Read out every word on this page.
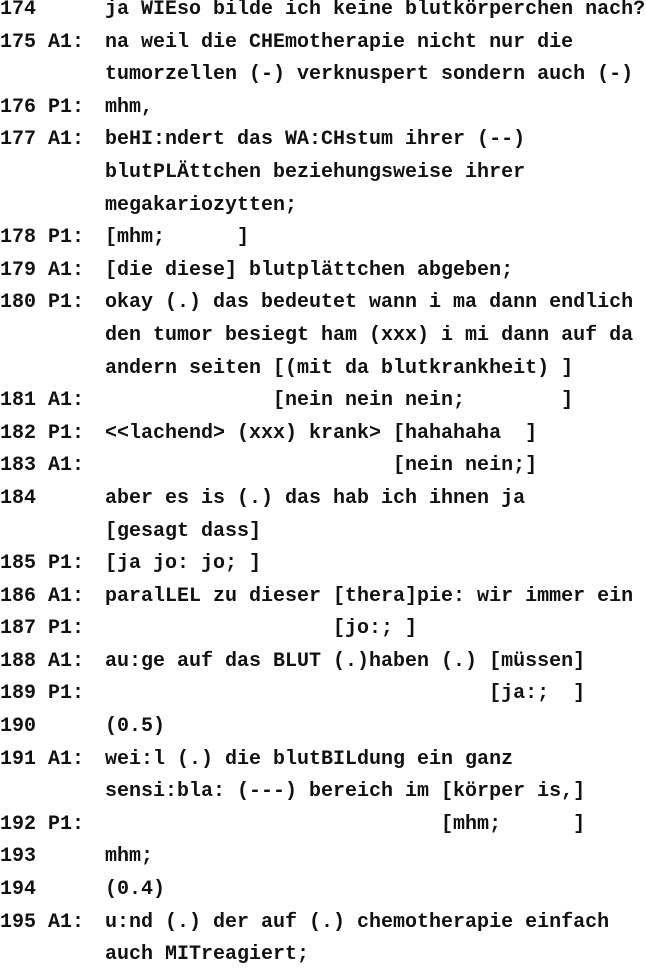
174	ja WIEso bilde ich keine blutkörperchen nach?
175 A1:	na weil die CHEmotherapie nicht nur die
tumorzellen (-) verknuspert sondern auch (-)
176 P1:	mhm,
177 A1:	beHI:ndert das WA:CHstum ihrer (--)
blutPLÄttchen beziehungsweise ihrer
megakariozytten;
178 P1:	[mhm;      ]
179 A1:	[die diese] blutplättchen abgeben;
180 P1:	okay (.) das bedeutet wann i ma dann endlich
den tumor besiegt ham (xxx) i mi dann auf da
andern seiten [(mit da blutkrankheit) ]
181 A1:	[nein nein nein;        ]
182 P1:	<<lachend> (xxx) krank> [hahahaha  ]
183 A1:	[nein nein;]
184	aber es is (.) das hab ich ihnen ja
[gesagt dass]
185 P1:	[ja jo: jo; ]
186 A1:	paralLEL zu dieser [thera]pie: wir immer ein
187 P1:	[jo:; ]
188 A1:	au:ge auf das BLUT (.)haben (.) [müssen]
189 P1:	[ja:;  ]
190	(0.5)
191 A1:	wei:l (.) die blutBILdung ein ganz
sensi:bla: (---) bereich im [körper is,]
192 P1:	[mhm;      ]
193	mhm;
194	(0.4)
195 A1:	u:nd (.) der auf (.) chemotherapie einfach
auch MITreagiert;
